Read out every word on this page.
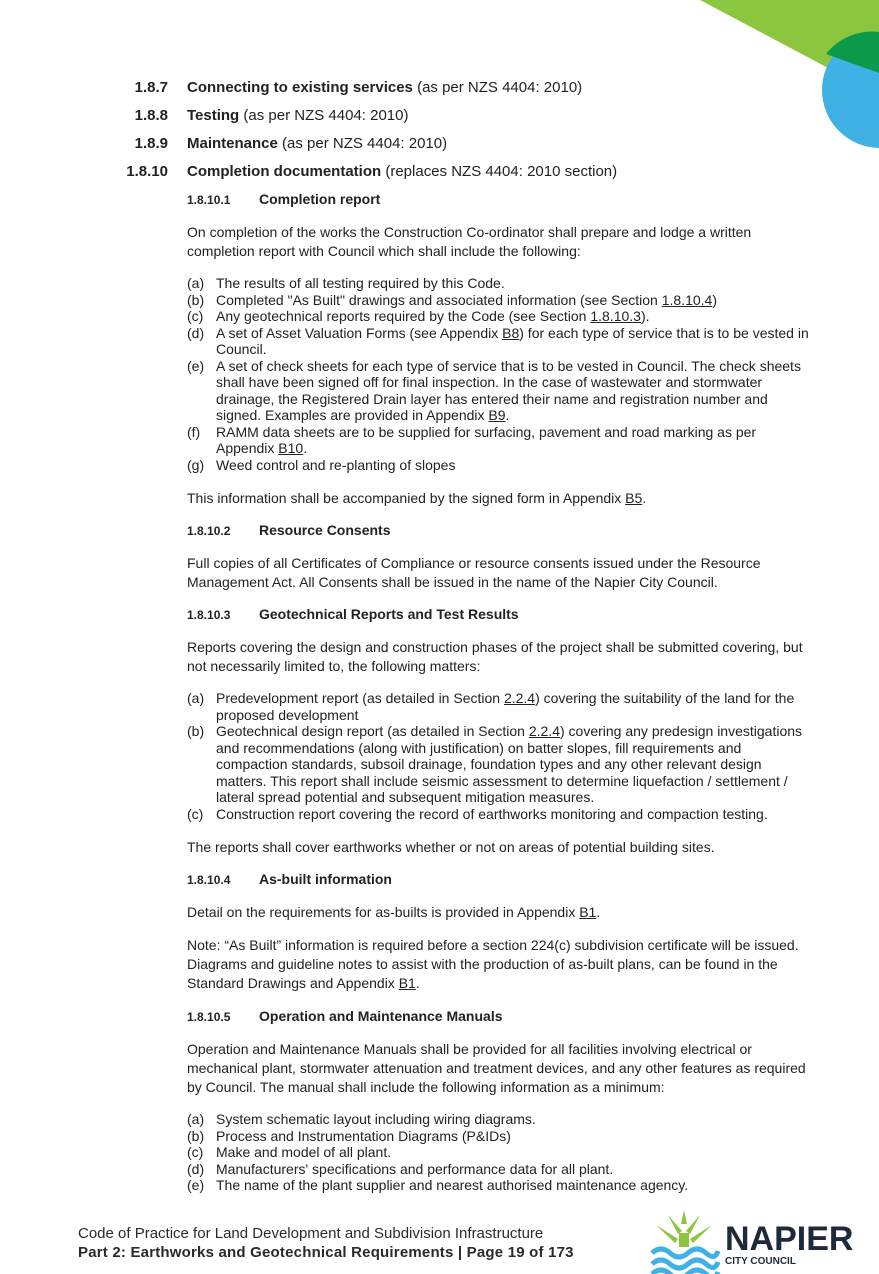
1.8.7 Connecting to existing services (as per NZS 4404: 2010)
1.8.8 Testing (as per NZS 4404: 2010)
1.8.9 Maintenance (as per NZS 4404: 2010)
1.8.10 Completion documentation (replaces NZS 4404: 2010 section)
1.8.10.1 Completion report
On completion of the works the Construction Co-ordinator shall prepare and lodge a written completion report with Council which shall include the following:
(a) The results of all testing required by this Code.
(b) Completed "As Built" drawings and associated information (see Section 1.8.10.4)
(c) Any geotechnical reports required by the Code (see Section 1.8.10.3).
(d) A set of Asset Valuation Forms (see Appendix B8) for each type of service that is to be vested in Council.
(e) A set of check sheets for each type of service that is to be vested in Council. The check sheets shall have been signed off for final inspection. In the case of wastewater and stormwater drainage, the Registered Drain layer has entered their name and registration number and signed. Examples are provided in Appendix B9.
(f) RAMM data sheets are to be supplied for surfacing, pavement and road marking as per Appendix B10.
(g) Weed control and re-planting of slopes
This information shall be accompanied by the signed form in Appendix B5.
1.8.10.2 Resource Consents
Full copies of all Certificates of Compliance or resource consents issued under the Resource Management Act. All Consents shall be issued in the name of the Napier City Council.
1.8.10.3 Geotechnical Reports and Test Results
Reports covering the design and construction phases of the project shall be submitted covering, but not necessarily limited to, the following matters:
(a) Predevelopment report (as detailed in Section 2.2.4) covering the suitability of the land for the proposed development
(b) Geotechnical design report (as detailed in Section 2.2.4) covering any predesign investigations and recommendations (along with justification) on batter slopes, fill requirements and compaction standards, subsoil drainage, foundation types and any other relevant design matters. This report shall include seismic assessment to determine liquefaction / settlement / lateral spread potential and subsequent mitigation measures.
(c) Construction report covering the record of earthworks monitoring and compaction testing.
The reports shall cover earthworks whether or not on areas of potential building sites.
1.8.10.4 As-built information
Detail on the requirements for as-builts is provided in Appendix B1.
Note: “As Built” information is required before a section 224(c) subdivision certificate will be issued. Diagrams and guideline notes to assist with the production of as-built plans, can be found in the Standard Drawings and Appendix B1.
1.8.10.5 Operation and Maintenance Manuals
Operation and Maintenance Manuals shall be provided for all facilities involving electrical or mechanical plant, stormwater attenuation and treatment devices, and any other features as required by Council. The manual shall include the following information as a minimum:
(a) System schematic layout including wiring diagrams.
(b) Process and Instrumentation Diagrams (P&IDs)
(c) Make and model of all plant.
(d) Manufacturers' specifications and performance data for all plant.
(e) The name of the plant supplier and nearest authorised maintenance agency.
Code of Practice for Land Development and Subdivision Infrastructure
Part 2: Earthworks and Geotechnical Requirements | Page 19 of 173	NAPIER
CITY COUNCIL
